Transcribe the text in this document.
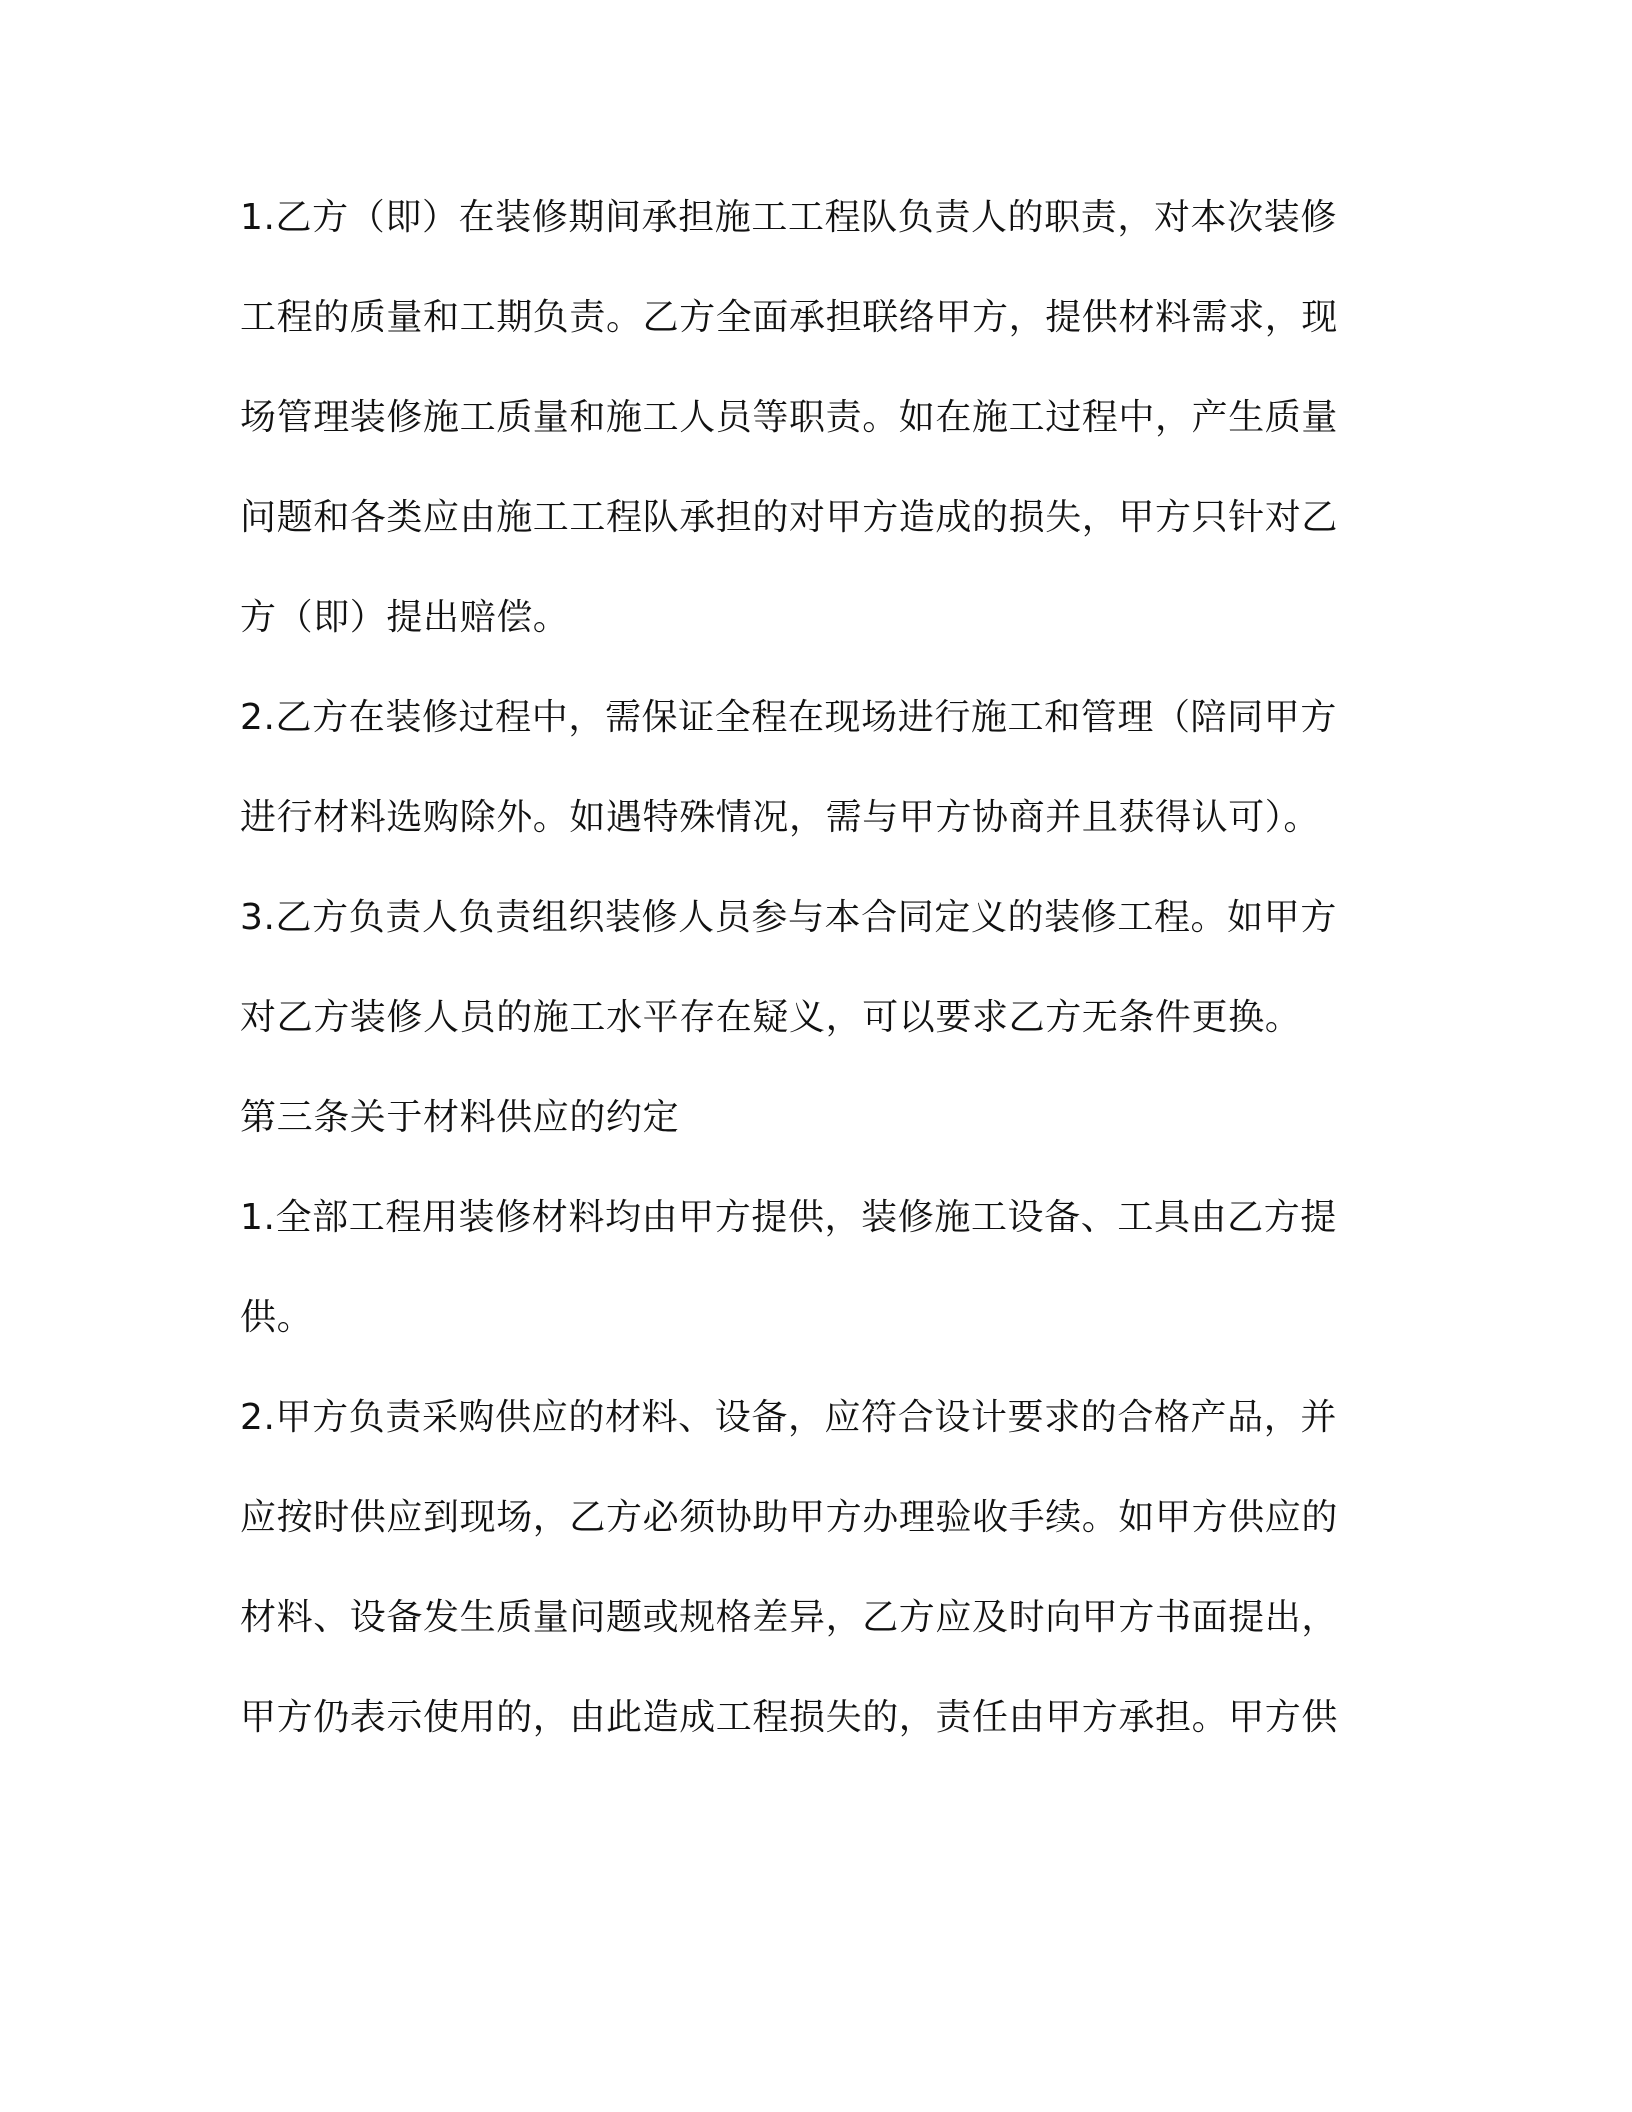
1.乙方（即）在装修期间承担施工工程队负责人的职责，对本次装修

工程的质量和工期负责。乙方全面承担联络甲方，提供材料需求，现

场管理装修施工质量和施工人员等职责。如在施工过程中，产生质量

问题和各类应由施工工程队承担的对甲方造成的损失，甲方只针对乙

方（即）提出赔偿。

2.乙方在装修过程中，需保证全程在现场进行施工和管理（陪同甲方

进行材料选购除外。如遇特殊情况，需与甲方协商并且获得认可）。

3.乙方负责人负责组织装修人员参与本合同定义的装修工程。如甲方

对乙方装修人员的施工水平存在疑义，可以要求乙方无条件更换。

第三条关于材料供应的约定

1.全部工程用装修材料均由甲方提供，装修施工设备、工具由乙方提

供。

2.甲方负责采购供应的材料、设备，应符合设计要求的合格产品，并

应按时供应到现场，乙方必须协助甲方办理验收手续。如甲方供应的

材料、设备发生质量问题或规格差异，乙方应及时向甲方书面提出，

甲方仍表示使用的，由此造成工程损失的，责任由甲方承担。甲方供
